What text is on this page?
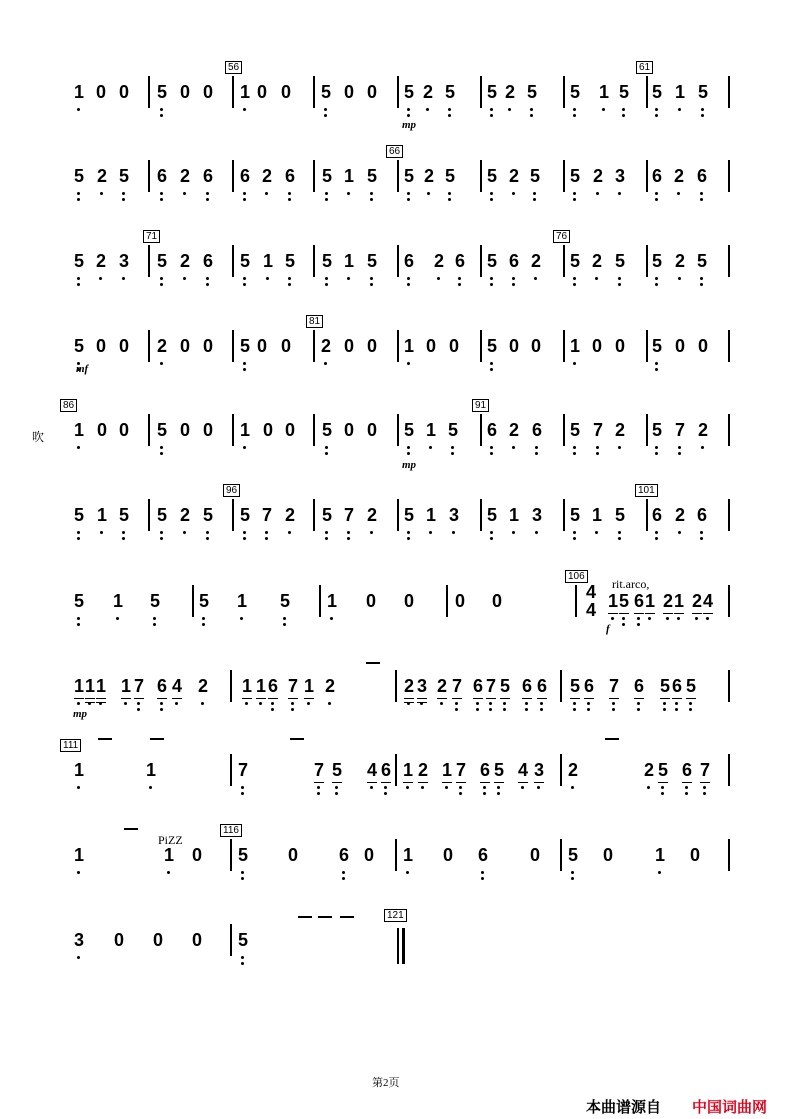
56	61
1 0 0 5 0 0 1 0 0 5 0 0 5 2 5 5 2 5 5 1 5 5 1 5
66
5 2 5 6 2 6 6 2 6 5 1 5 5 2 5 5 2 5 5 2 3 6 2 6
71	76
5 2 3 5 2 6 5 1 5 5 1 5 6 2 6 5 6 2 5 2 5 5 2 5
81
5 0 0 2 0 0 5 0 0 2 0 0 1 0 0 5 0 0 1 0 0 5 0 0
86	91
1 0 0 5 0 0 1 0 0 5 0 0 5 1 5 6 2 6 5 7 2 5 7 2
96	101
5 1 5 5 2 5 5 7 2 5 7 2 5 1 3 5 1 3 5 1 5 6 2 6
106
5 1 5 5 1 5 1 0 0 0 0	1 5 6 1 2 1 2 4
1 1 1 1 7 6 4 2 1 1 6 7 1 2	2 3 2 7 6 7 5 6 6 5 6 7 6 5 6 5
111
1	1	7	7 5 4 6 1 2 1 7 6 5 4 3 2	2 5 6 7
116
1	1 0 5 0 6 0 1 0 6 0 5 0 1 0
121
3 0 0 0 5
第2页
本曲谱源自 中国词曲网
吹
mp
mf
mp
f
mp
rit.arco,
PiZZ
4
4
